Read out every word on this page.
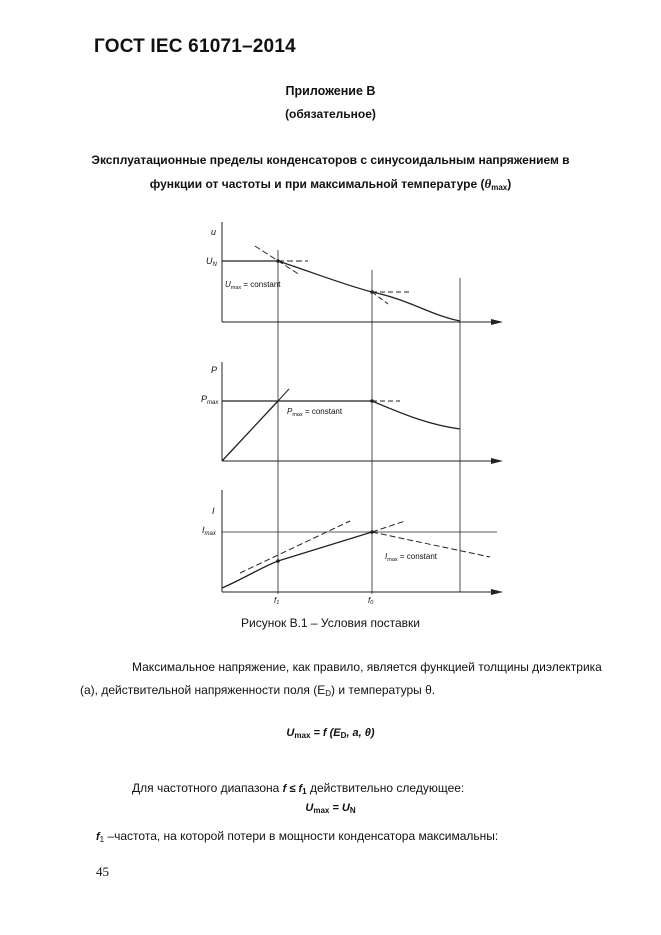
ГОСТ IEC 61071–2014
Приложение В
(обязательное)
Эксплуатационные пределы конденсаторов с синусоидальным напряжением в
функции от частоты и при максимальной температуре $(\theta_{max})$
u
$U_N$
$U_{max}$ = constant
P
$P_{max}$
$P_{max}$ = constant
I
$I_{max}$
$I_{max}$ = constant
f1	f0
Рисунок В.1 – Условия поставки
Максимальное напряжение, как правило, является функцией толщины диэлектрика (а), действительной напряженности поля (ED) и температуры θ.
Umax = f (ED, a, θ)
Для частотного диапазона f ≤ f1 действительно следующее:
Umax = UN
f1 –частота, на которой потери в мощности конденсатора максимальны:
45
